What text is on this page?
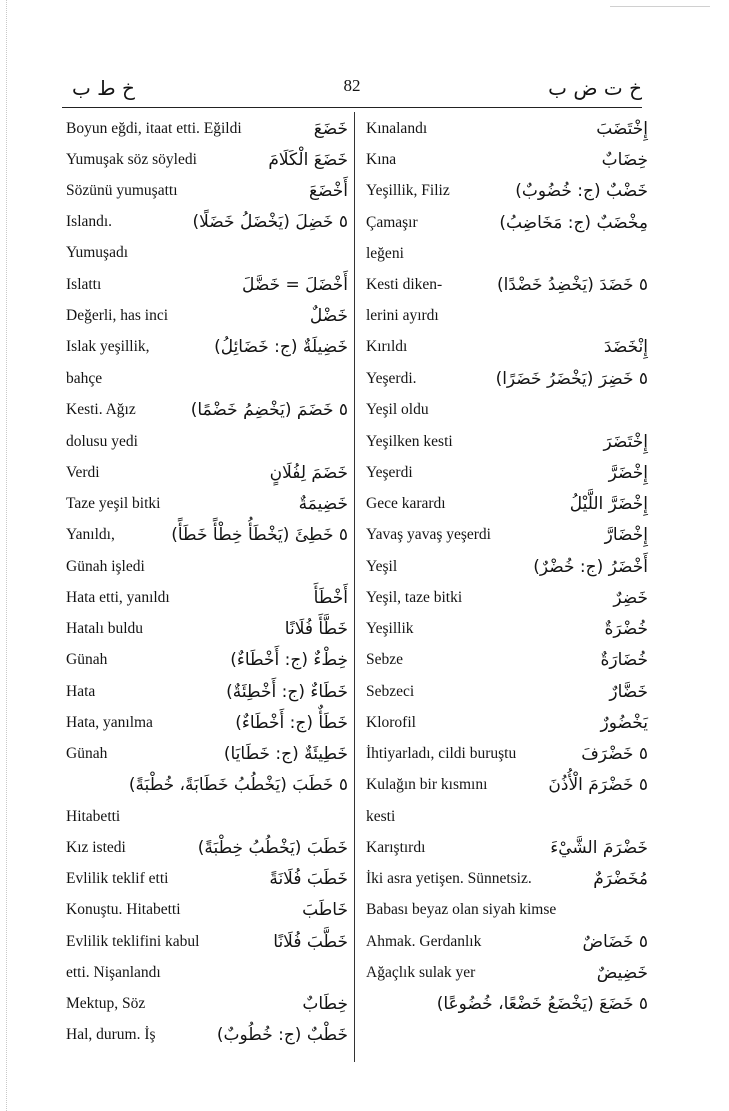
خ ط ب	82	خ ت ض ب
Boyun eğdi, itaat etti. Eğildi	خَضَعَ
Yumuşak söz söyledi	خَضَعَ الْكَلَامَ
Sözünü yumuşattı	أَخْضَعَ
Islandı.	٥ خَضِلَ (يَخْضَلُ خَضَلًا)
Yumuşadı
Islattı	أَخْضَلَ = خَضَّلَ
Değerli, has inci	خَضْلٌ
Islak yeşillik,	خَضِيلَةٌ (ج: خَضَائِلُ)
bahçe
Kesti. Ağız	٥ خَضَمَ (يَخْضِمُ خَضْمًا)
dolusu yedi
Verdi	خَضَمَ لِفُلَانٍ
Taze yeşil bitki	خَضِيمَةٌ
Yanıldı,	٥ خَطِئَ (يَخْطَأُ خِطْأً خَطَأً)
Günah işledi
Hata etti, yanıldı	أَخْطَأَ
Hatalı buldu	خَطَّأَ فُلَانًا
Günah	خِطْءٌ (ج: أَخْطَاءٌ)
Hata	خَطَاءٌ (ج: أَخْطِئَةٌ)
Hata, yanılma	خَطَأٌ (ج: أَخْطَاءٌ)
Günah	خَطِيئَةٌ (ج: خَطَايَا)
٥ خَطَبَ (يَخْطُبُ خَطَابَةً، خُطْبَةً)
Hitabetti
Kız istedi	خَطَبَ (يَخْطُبُ خِطْبَةً)
Evlilik teklif etti	خَطَبَ فُلَانَةً
Konuştu. Hitabetti	خَاطَبَ
Evlilik teklifini kabul	خَطَّبَ فُلَانًا
etti. Nişanlandı
Mektup, Söz	خِطَابٌ
Hal, durum. İş	خَطْبٌ (ج: خُطُوبٌ)
Kınalandı	إِخْتَضَبَ
Kına	خِضَابٌ
Yeşillik, Filiz	خَضْبٌ (ج: خُضُوبٌ)
Çamaşır	مِخْضَبٌ (ج: مَخَاضِبُ)
leğeni
Kesti diken-	٥ خَضَدَ (يَخْضِدُ خَضْدًا)
lerini ayırdı
Kırıldı	إِنْخَضَدَ
Yeşerdi.	٥ خَضِرَ (يَخْضَرُ خَضَرًا)
Yeşil oldu
Yeşilken kesti	إِخْتَضَرَ
Yeşerdi	إِخْضَرَّ
Gece karardı	إِخْضَرَّ اللَّيْلُ
Yavaş yavaş yeşerdi	إِخْضَارَّ
Yeşil	أَخْضَرُ (ج: خُضْرٌ)
Yeşil, taze bitki	خَضِرٌ
Yeşillik	خُضْرَةٌ
Sebze	خُضَارَةٌ
Sebzeci	خَضَّارٌ
Klorofil	يَخْضُورٌ
İhtiyarladı, cildi buruştu	٥ خَضْرَفَ
Kulağın bir kısmını	٥ خَضْرَمَ الْأُذُنَ
kesti
Karıştırdı	خَضْرَمَ الشَّيْءَ
İki asra yetişen. Sünnetsiz.	مُخَضْرَمٌ
Babası beyaz olan siyah kimse
Ahmak. Gerdanlık	٥ خَضَاضٌ
Ağaçlık sulak yer	خَضِيضٌ
٥ خَضَعَ (يَخْضَعُ خَضْعًا، خُضُوعًا)
